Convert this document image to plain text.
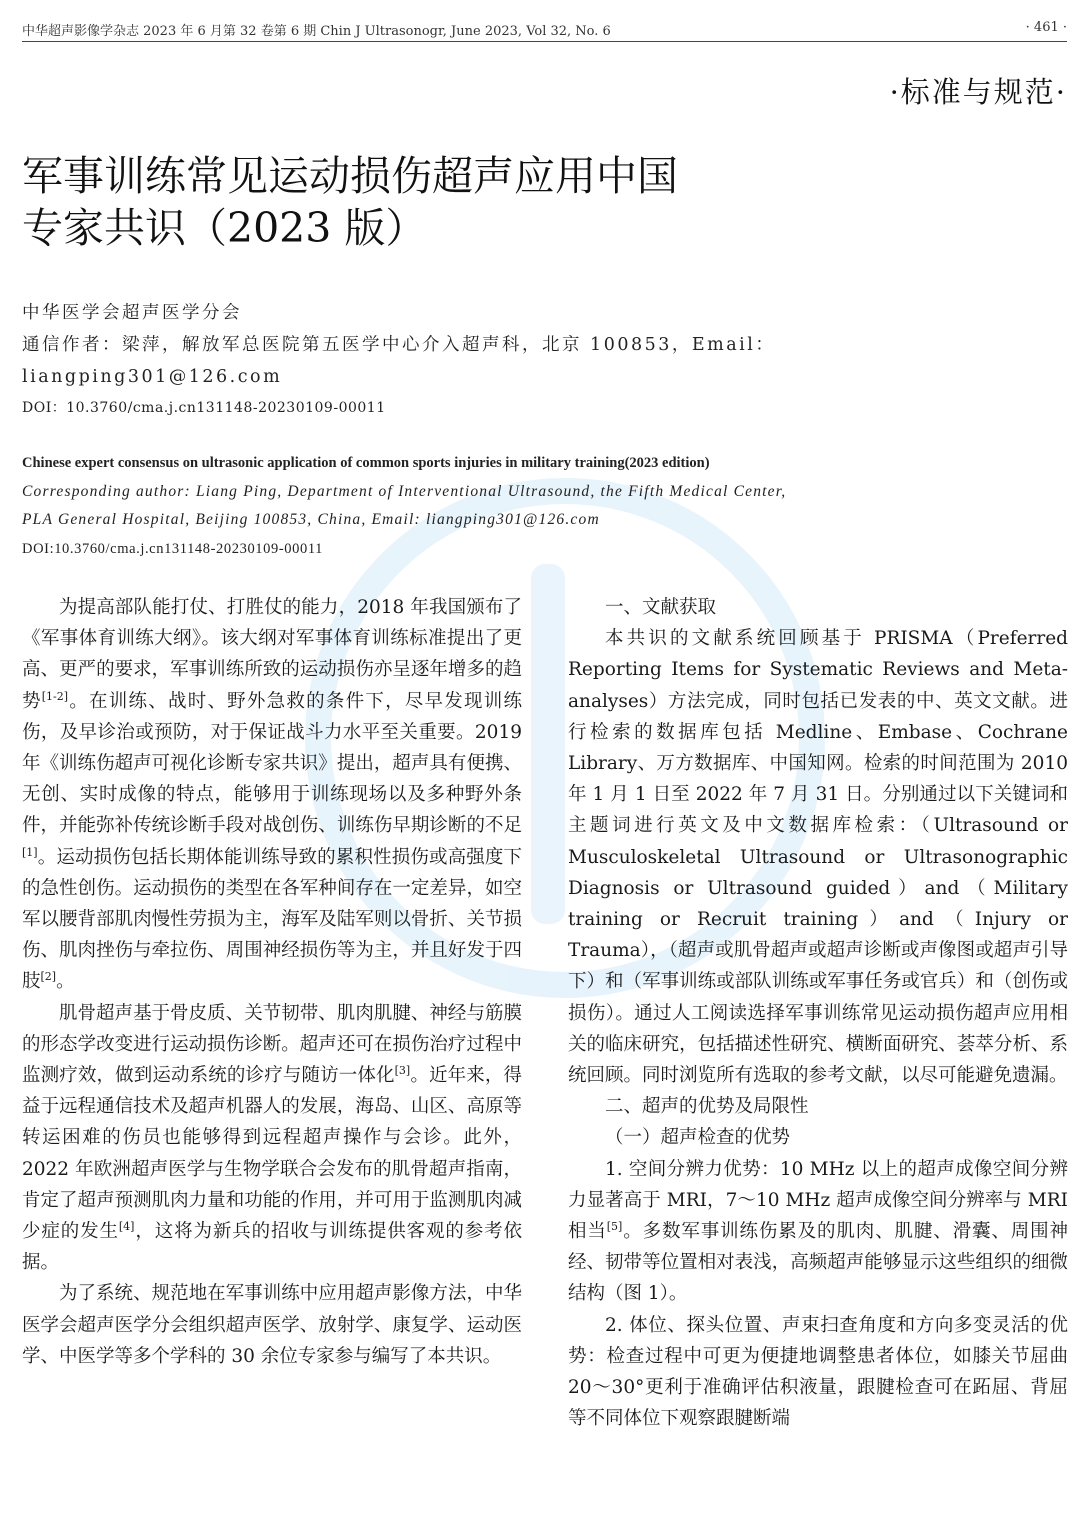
中华超声影像学杂志 2023 年 6 月第 32 卷第 6 期 Chin J Ultrasonogr, June 2023, Vol 32, No. 6	· 461 ·
·标准与规范·
军事训练常见运动损伤超声应用中国
专家共识（2023 版）
中华医学会超声医学分会
通信作者：梁萍，解放军总医院第五医学中心介入超声科，北京 100853，Email：
liangping301@126.com
DOI：10.3760/cma.j.cn131148-20230109-00011
Chinese expert consensus on ultrasonic application of common sports injuries in military training(2023 edition)
Corresponding author: Liang Ping, Department of Interventional Ultrasound, the Fifth Medical Center,
PLA General Hospital, Beijing 100853, China, Email: liangping301@126.com
DOI:10.3760/cma.j.cn131148-20230109-00011

为提高部队能打仗、打胜仗的能力，2018 年我国颁布了《军事体育训练大纲》。该大纲对军事体育训练标准提出了更高、更严的要求，军事训练所致的运动损伤亦呈逐年增多的趋势[1-2]。在训练、战时、野外急救的条件下，尽早发现训练伤，及早诊治或预防，对于保证战斗力水平至关重要。2019 年《训练伤超声可视化诊断专家共识》提出，超声具有便携、无创、实时成像的特点，能够用于训练现场以及多种野外条件，并能弥补传统诊断手段对战创伤、训练伤早期诊断的不足[1]。运动损伤包括长期体能训练导致的累积性损伤或高强度下的急性创伤。运动损伤的类型在各军种间存在一定差异，如空军以腰背部肌肉慢性劳损为主，海军及陆军则以骨折、关节损伤、肌肉挫伤与牵拉伤、周围神经损伤等为主，并且好发于四肢[2]。

肌骨超声基于骨皮质、关节韧带、肌肉肌腱、神经与筋膜的形态学改变进行运动损伤诊断。超声还可在损伤治疗过程中监测疗效，做到运动系统的诊疗与随访一体化[3]。近年来，得益于远程通信技术及超声机器人的发展，海岛、山区、高原等转运困难的伤员也能够得到远程超声操作与会诊。此外，2022 年欧洲超声医学与生物学联合会发布的肌骨超声指南，肯定了超声预测肌肉力量和功能的作用，并可用于监测肌肉减少症的发生[4]，这将为新兵的招收与训练提供客观的参考依据。

为了系统、规范地在军事训练中应用超声影像方法，中华医学会超声医学分会组织超声医学、放射学、康复学、运动医学、中医学等多个学科的 30 余位专家参与编写了本共识。

一、文献获取

本共识的文献系统回顾基于 PRISMA（Preferred Reporting Items for Systematic Reviews and Meta-analyses）方法完成，同时包括已发表的中、英文文献。进行检索的数据库包括 Medline、Embase、Cochrane Library、万方数据库、中国知网。检索的时间范围为 2010 年 1 月 1 日至 2022 年 7 月 31 日。分别通过以下关键词和主题词进行英文及中文数据库检索：（Ultrasound or Musculoskeletal Ultrasound or Ultrasonographic Diagnosis or Ultrasound guided）and（Military training or Recruit training）and（Injury or Trauma），（超声或肌骨超声或超声诊断或声像图或超声引导下）和（军事训练或部队训练或军事任务或官兵）和（创伤或损伤）。通过人工阅读选择军事训练常见运动损伤超声应用相关的临床研究，包括描述性研究、横断面研究、荟萃分析、系统回顾。同时浏览所有选取的参考文献，以尽可能避免遗漏。

二、超声的优势及局限性

（一）超声检查的优势

1. 空间分辨力优势：10 MHz 以上的超声成像空间分辨力显著高于 MRI，7～10 MHz 超声成像空间分辨率与 MRI 相当[5]。多数军事训练伤累及的肌肉、肌腱、滑囊、周围神经、韧带等位置相对表浅，高频超声能够显示这些组织的细微结构（图 1）。

2. 体位、探头位置、声束扫查角度和方向多变灵活的优势：检查过程中可更为便捷地调整患者体位，如膝关节屈曲 20～30°更利于准确评估积液量，跟腱检查可在跖屈、背屈等不同体位下观察跟腱断端
